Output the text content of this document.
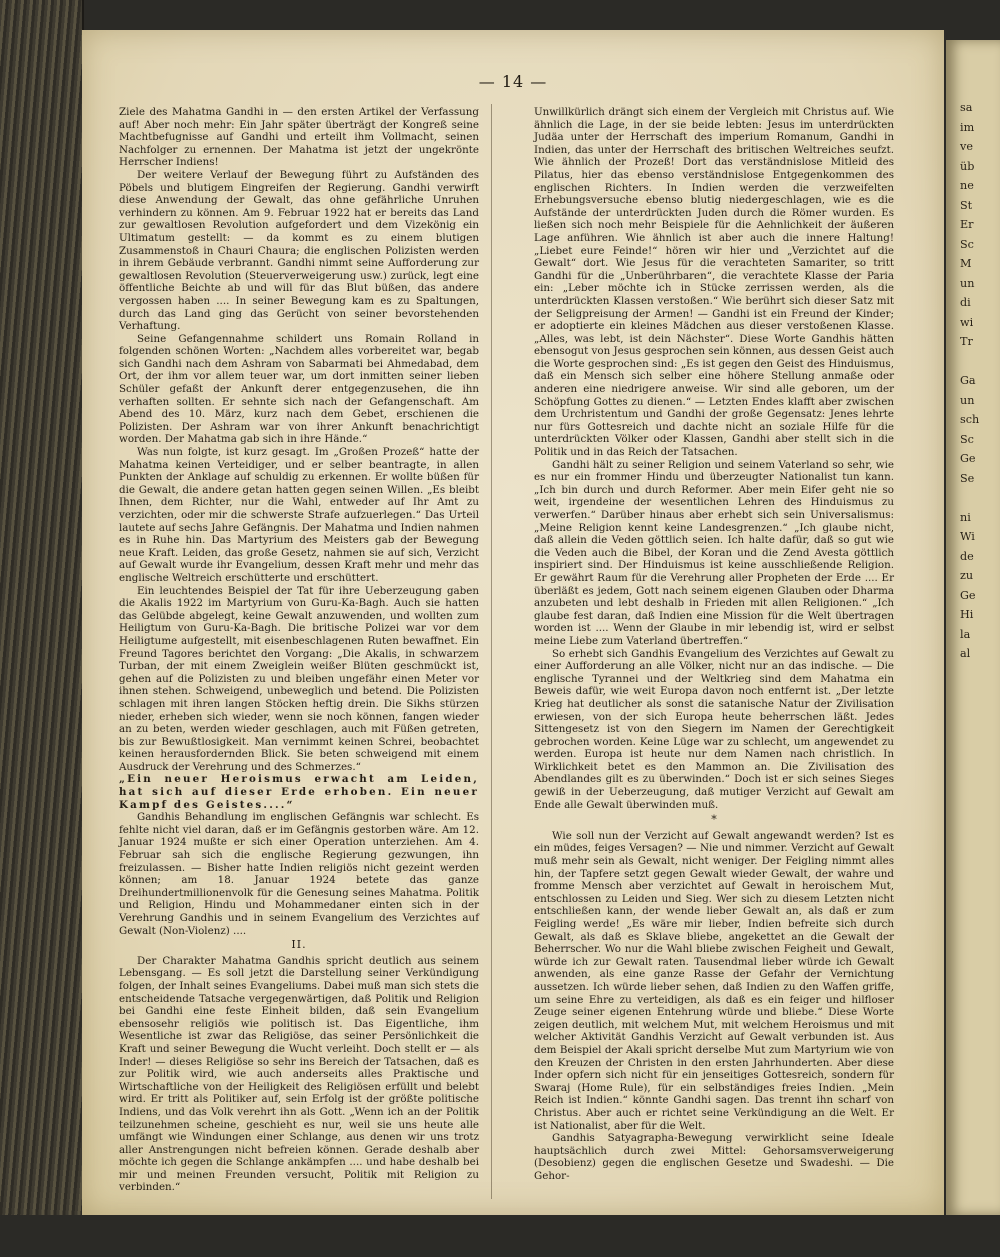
— 14 —

Ziele des Mahatma Gandhi in — den ersten Artikel der Verfassung auf! Aber noch mehr: Ein Jahr später überträgt der Kongreß seine Machtbefugnisse auf Gandhi und erteilt ihm Vollmacht, seinen Nachfolger zu ernennen. Der Mahatma ist jetzt der ungekrönte Herrscher Indiens!

Der weitere Verlauf der Bewegung führt zu Aufständen des Pöbels und blutigem Eingreifen der Regierung. Gandhi verwirft diese Anwendung der Gewalt, das ohne gefährliche Unruhen verhindern zu können. Am 9. Februar 1922 hat er bereits das Land zur gewaltlosen Revolution aufgefordert und dem Vizekönig ein Ultimatum gestellt: — da kommt es zu einem blutigen Zusammenstoß in Chauri Chaura; die englischen Polizisten werden in ihrem Gebäude verbrannt. Gandhi nimmt seine Aufforderung zur gewaltlosen Revolution (Steuerverweigerung usw.) zurück, legt eine öffentliche Beichte ab und will für das Blut büßen, das andere vergossen haben .... In seiner Bewegung kam es zu Spaltungen, durch das Land ging das Gerücht von seiner bevorstehenden Verhaftung.

Seine Gefangennahme schildert uns Romain Rolland in folgenden schönen Worten: „Nachdem alles vorbereitet war, begab sich Gandhi nach dem Ashram von Sabarmati bei Ahmedabad, dem Ort, der ihm vor allem teuer war, um dort inmitten seiner lieben Schüler gefaßt der Ankunft derer entgegenzusehen, die ihn verhaften sollten. Er sehnte sich nach der Gefangenschaft. Am Abend des 10. März, kurz nach dem Gebet, erschienen die Polizisten. Der Ashram war von ihrer Ankunft benachrichtigt worden. Der Mahatma gab sich in ihre Hände.“

Was nun folgte, ist kurz gesagt. Im „Großen Prozeß“ hatte der Mahatma keinen Verteidiger, und er selber beantragte, in allen Punkten der Anklage auf schuldig zu erkennen. Er wollte büßen für die Gewalt, die andere getan hatten gegen seinen Willen. „Es bleibt Ihnen, dem Richter, nur die Wahl, entweder auf Ihr Amt zu verzichten, oder mir die schwerste Strafe aufzuerlegen.“ Das Urteil lautete auf sechs Jahre Gefängnis. Der Mahatma und Indien nahmen es in Ruhe hin. Das Martyrium des Meisters gab der Bewegung neue Kraft. Leiden, das große Gesetz, nahmen sie auf sich, Verzicht auf Gewalt wurde ihr Evangelium, dessen Kraft mehr und mehr das englische Weltreich erschütterte und erschüttert.

Ein leuchtendes Beispiel der Tat für ihre Ueberzeugung gaben die Akalis 1922 im Martyrium von Guru-Ka-Bagh. Auch sie hatten das Gelübde abgelegt, keine Gewalt anzuwenden, und wollten zum Heiligtum von Guru-Ka-Bagh. Die britische Polizei war vor dem Heiligtume aufgestellt, mit eisenbeschlagenen Ruten bewaffnet. Ein Freund Tagores berichtet den Vorgang: „Die Akalis, in schwarzem Turban, der mit einem Zweiglein weißer Blüten geschmückt ist, gehen auf die Polizisten zu und bleiben ungefähr einen Meter vor ihnen stehen. Schweigend, unbeweglich und betend. Die Polizisten schlagen mit ihren langen Stöcken heftig drein. Die Sikhs stürzen nieder, erheben sich wieder, wenn sie noch können, fangen wieder an zu beten, werden wieder geschlagen, auch mit Füßen getreten, bis zur Bewußtlosigkeit. Man vernimmt keinen Schrei, beobachtet keinen herausfordernden Blick. Sie beten schweigend mit einem Ausdruck der Verehrung und des Schmerzes.“

„Ein neuer Heroismus erwacht am Leiden, hat sich auf dieser Erde erhoben. Ein neuer Kampf des Geistes....“

Gandhis Behandlung im englischen Gefängnis war schlecht. Es fehlte nicht viel daran, daß er im Gefängnis gestorben wäre. Am 12. Januar 1924 mußte er sich einer Operation unterziehen. Am 4. Februar sah sich die englische Regierung gezwungen, ihn freizulassen. — Bisher hatte Indien religiös nicht gezeint werden können; am 18. Januar 1924 betete das ganze Dreihundertmillionenvolk für die Genesung seines Mahatma. Politik und Religion, Hindu und Mohammedaner einten sich in der Verehrung Gandhis und in seinem Evangelium des Verzichtes auf Gewalt (Non-Violenz) ....

II.

Der Charakter Mahatma Gandhis spricht deutlich aus seinem Lebensgang. — Es soll jetzt die Darstellung seiner Verkündigung folgen, der Inhalt seines Evangeliums. Dabei muß man sich stets die entscheidende Tatsache vergegenwärtigen, daß Politik und Religion bei Gandhi eine feste Einheit bilden, daß sein Evangelium ebensosehr religiös wie politisch ist. Das Eigentliche, ihm Wesentliche ist zwar das Religiöse, das seiner Persönlichkeit die Kraft und seiner Bewegung die Wucht verleiht. Doch stellt er — als Inder! — dieses Religiöse so sehr ins Bereich der Tatsachen, daß es zur Politik wird, wie auch anderseits alles Praktische und Wirtschaftliche von der Heiligkeit des Religiösen erfüllt und belebt wird. Er tritt als Politiker auf, sein Erfolg ist der größte politische Indiens, und das Volk verehrt ihn als Gott. „Wenn ich an der Politik teilzunehmen scheine, geschieht es nur, weil sie uns heute alle umfängt wie Windungen einer Schlange, aus denen wir uns trotz aller Anstrengungen nicht befreien können. Gerade deshalb aber möchte ich gegen die Schlange ankämpfen .... und habe deshalb bei mir und meinen Freunden versucht, Politik mit Religion zu verbinden.“

Unwillkürlich drängt sich einem der Vergleich mit Christus auf. Wie ähnlich die Lage, in der sie beide lebten: Jesus im unterdrückten Judäa unter der Herrschaft des imperium Romanum, Gandhi in Indien, das unter der Herrschaft des britischen Weltreiches seufzt. Wie ähnlich der Prozeß! Dort das verständnislose Mitleid des Pilatus, hier das ebenso verständnislose Entgegenkommen des englischen Richters. In Indien werden die verzweifelten Erhebungsversuche ebenso blutig niedergeschlagen, wie es die Aufstände der unterdrückten Juden durch die Römer wurden. Es ließen sich noch mehr Beispiele für die Aehnlichkeit der äußeren Lage anführen. Wie ähnlich ist aber auch die innere Haltung! „Liebet eure Feinde!“ hören wir hier und „Verzichtet auf die Gewalt“ dort. Wie Jesus für die verachteten Samariter, so tritt Gandhi für die „Unberührbaren“, die verachtete Klasse der Paria ein: „Leber möchte ich in Stücke zerrissen werden, als die unterdrückten Klassen verstoßen.“ Wie berührt sich dieser Satz mit der Seligpreisung der Armen! — Gandhi ist ein Freund der Kinder; er adoptierte ein kleines Mädchen aus dieser verstoßenen Klasse. „Alles, was lebt, ist dein Nächster“. Diese Worte Gandhis hätten ebensogut von Jesus gesprochen sein können, aus dessen Geist auch die Worte gesprochen sind: „Es ist gegen den Geist des Hinduismus, daß ein Mensch sich selber eine höhere Stellung anmaße oder anderen eine niedrigere anweise. Wir sind alle geboren, um der Schöpfung Gottes zu dienen.“ — Letzten Endes klafft aber zwischen dem Urchristentum und Gandhi der große Gegensatz: Jenes lehrte nur fürs Gottesreich und dachte nicht an soziale Hilfe für die unterdrückten Völker oder Klassen, Gandhi aber stellt sich in die Politik und in das Reich der Tatsachen.

Gandhi hält zu seiner Religion und seinem Vaterland so sehr, wie es nur ein frommer Hindu und überzeugter Nationalist tun kann. „Ich bin durch und durch Reformer. Aber mein Eifer geht nie so weit, irgendeine der wesentlichen Lehren des Hinduismus zu verwerfen.“ Darüber hinaus aber erhebt sich sein Universalismus: „Meine Religion kennt keine Landesgrenzen.“ „Ich glaube nicht, daß allein die Veden göttlich seien. Ich halte dafür, daß so gut wie die Veden auch die Bibel, der Koran und die Zend Avesta göttlich inspiriert sind. Der Hinduismus ist keine ausschließende Religion. Er gewährt Raum für die Verehrung aller Propheten der Erde .... Er überläßt es jedem, Gott nach seinem eigenen Glauben oder Dharma anzubeten und lebt deshalb in Frieden mit allen Religionen.“ „Ich glaube fest daran, daß Indien eine Mission für die Welt übertragen worden ist .... Wenn der Glaube in mir lebendig ist, wird er selbst meine Liebe zum Vaterland übertreffen.“

So erhebt sich Gandhis Evangelium des Verzichtes auf Gewalt zu einer Aufforderung an alle Völker, nicht nur an das indische. — Die englische Tyrannei und der Weltkrieg sind dem Mahatma ein Beweis dafür, wie weit Europa davon noch entfernt ist. „Der letzte Krieg hat deutlicher als sonst die satanische Natur der Zivilisation erwiesen, von der sich Europa heute beherrschen läßt. Jedes Sittengesetz ist von den Siegern im Namen der Gerechtigkeit gebrochen worden. Keine Lüge war zu schlecht, um angewendet zu werden. Europa ist heute nur dem Namen nach christlich. In Wirklichkeit betet es den Mammon an. Die Zivilisation des Abendlandes gilt es zu überwinden.“ Doch ist er sich seines Sieges gewiß in der Ueberzeugung, daß mutiger Verzicht auf Gewalt am Ende alle Gewalt überwinden muß.

*

Wie soll nun der Verzicht auf Gewalt angewandt werden? Ist es ein müdes, feiges Versagen? — Nie und nimmer. Verzicht auf Gewalt muß mehr sein als Gewalt, nicht weniger. Der Feigling nimmt alles hin, der Tapfere setzt gegen Gewalt wieder Gewalt, der wahre und fromme Mensch aber verzichtet auf Gewalt in heroischem Mut, entschlossen zu Leiden und Sieg. Wer sich zu diesem Letzten nicht entschließen kann, der wende lieber Gewalt an, als daß er zum Feigling werde! „Es wäre mir lieber, Indien befreite sich durch Gewalt, als daß es Sklave bliebe, angekettet an die Gewalt der Beherrscher. Wo nur die Wahl bliebe zwischen Feigheit und Gewalt, würde ich zur Gewalt raten. Tausendmal lieber würde ich Gewalt anwenden, als eine ganze Rasse der Gefahr der Vernichtung aussetzen. Ich würde lieber sehen, daß Indien zu den Waffen griffe, um seine Ehre zu verteidigen, als daß es ein feiger und hilfloser Zeuge seiner eigenen Entehrung würde und bliebe.“ Diese Worte zeigen deutlich, mit welchem Mut, mit welchem Heroismus und mit welcher Aktivität Gandhis Verzicht auf Gewalt verbunden ist. Aus dem Beispiel der Akali spricht derselbe Mut zum Martyrium wie von den Kreuzen der Christen in den ersten Jahrhunderten. Aber diese Inder opfern sich nicht für ein jenseitiges Gottesreich, sondern für Swaraj (Home Rule), für ein selbständiges freies Indien. „Mein Reich ist Indien.“ könnte Gandhi sagen. Das trennt ihn scharf von Christus. Aber auch er richtet seine Verkündigung an die Welt. Er ist Nationalist, aber für die Welt.

Gandhis Satyagrapha-Bewegung verwirklicht seine Ideale hauptsächlich durch zwei Mittel: Gehorsamsverweigerung (Desobienz) gegen die englischen Gesetze und Swadeshi. — Die Gehor-

sa
im
ve
üb
ne
St
Er
Sc
M
un
di
wi
Tr

Ga
un
sch
Sc
Ge
Se

ni
Wi
de
zu
Ge
Hi
la
al
